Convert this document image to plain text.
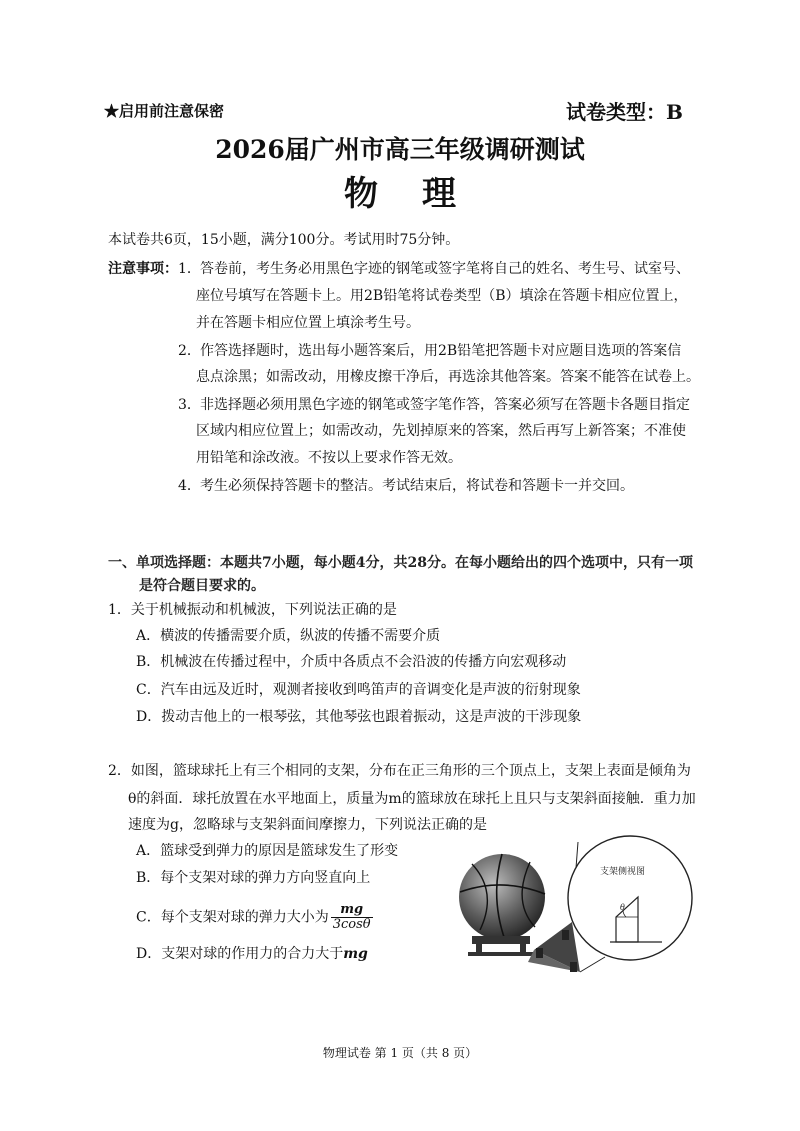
★启用前注意保密	试卷类型：B
2026届广州市高三年级调研测试
物理
本试卷共6页，15小题，满分100分。考试用时75分钟。
注意事项： 1． 答卷前，考生务必用黑色字迹的钢笔或签字笔将自己的姓名、考生号、试室号、
座位号填写在答题卡上。用2B铅笔将试卷类型（B）填涂在答题卡相应位置上，
并在答题卡相应位置上填涂考生号。
2． 作答选择题时，选出每小题答案后，用2B铅笔把答题卡对应题目选项的答案信
息点涂黑；如需改动，用橡皮擦干净后，再选涂其他答案。答案不能答在试卷上。
3． 非选择题必须用黑色字迹的钢笔或签字笔作答，答案必须写在答题卡各题目指定
区域内相应位置上；如需改动，先划掉原来的答案，然后再写上新答案；不准使
用铅笔和涂改液。不按以上要求作答无效。
4． 考生必须保持答题卡的整洁。考试结束后，将试卷和答题卡一并交回。
一、单项选择题：本题共7小题，每小题4分，共28分。在每小题给出的四个选项中，只有一项
是符合题目要求的。
1．关于机械振动和机械波，下列说法正确的是
A．横波的传播需要介质，纵波的传播不需要介质
B．机械波在传播过程中，介质中各质点不会沿波的传播方向宏观移动
C．汽车由远及近时，观测者接收到鸣笛声的音调变化是声波的衍射现象
D．拨动吉他上的一根琴弦，其他琴弦也跟着振动，这是声波的干涉现象
2．如图，篮球球托上有三个相同的支架，分布在正三角形的三个顶点上，支架上表面是倾角为
θ的斜面．球托放置在水平地面上，质量为m的篮球放在球托上且只与支架斜面接触．重力加
速度为g，忽略球与支架斜面间摩擦力，下列说法正确的是
A．篮球受到弹力的原因是篮球发生了形变
B．每个支架对球的弹力方向竖直向上
C．每个支架对球的弹力大小为 $\frac{mg}{3\cos\theta}$
D．支架对球的作用力的合力大于mg
支架侧视图
θ
物理试卷 第 1 页（共 8 页）
